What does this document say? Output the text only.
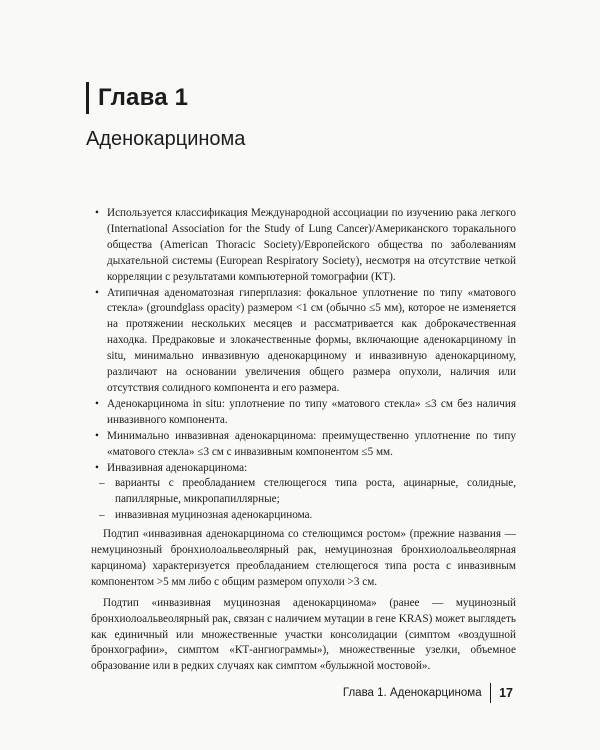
Глава 1
Аденокарцинома
• Используется классификация Международной ассоциации по изучению рака легкого (International Association for the Study of Lung Cancer)/Американского торакального общества (American Thoracic Society)/Европейского общества по заболеваниям дыхательной системы (European Respiratory Society), несмотря на отсутствие четкой корреляции с результатами компьютерной томографии (КТ).
• Атипичная аденоматозная гиперплазия: фокальное уплотнение по типу «матового стекла» (groundglass opacity) размером <1 см (обычно ≤5 мм), которое не изменяется на протяжении нескольких месяцев и рассматривается как доброкачественная находка. Предраковые и злокачественные формы, включающие аденокарциному in situ, минимально инвазивную аденокарциному и инвазивную аденокарциному, различают на основании увеличения общего размера опухоли, наличия или отсутствия солидного компонента и его размера.
• Аденокарцинома in situ: уплотнение по типу «матового стекла» ≤3 см без наличия инвазивного компонента.
• Минимально инвазивная аденокарцинома: преимущественно уплотнение по типу «матового стекла» ≤3 см с инвазивным компонентом ≤5 мм.
• Инвазивная аденокарцинома:
– варианты с преобладанием стелющегося типа роста, ацинарные, солидные, папиллярные, микропапиллярные;
– инвазивная муцинозная аденокарцинома.

Подтип «инвазивная аденокарцинома со стелющимся ростом» (прежние названия — немуцинозный бронхиолоальвеолярный рак, немуцинозная бронхиолоальвеолярная карцинома) характеризуется преобладанием стелющегося типа роста с инвазивным компонентом >5 мм либо с общим размером опухоли >3 см.

Подтип «инвазивная муцинозная аденокарцинома» (ранее — муцинозный бронхиолоальвеолярный рак, связан с наличием мутации в гене KRAS) может выглядеть как единичный или множественные участки консолидации (симптом «воздушной бронхографии», симптом «КТ-ангиограммы»), множественные узелки, объемное образование или в редких случаях как симптом «булыжной мостовой».

Глава 1. Аденокарцинома 17
